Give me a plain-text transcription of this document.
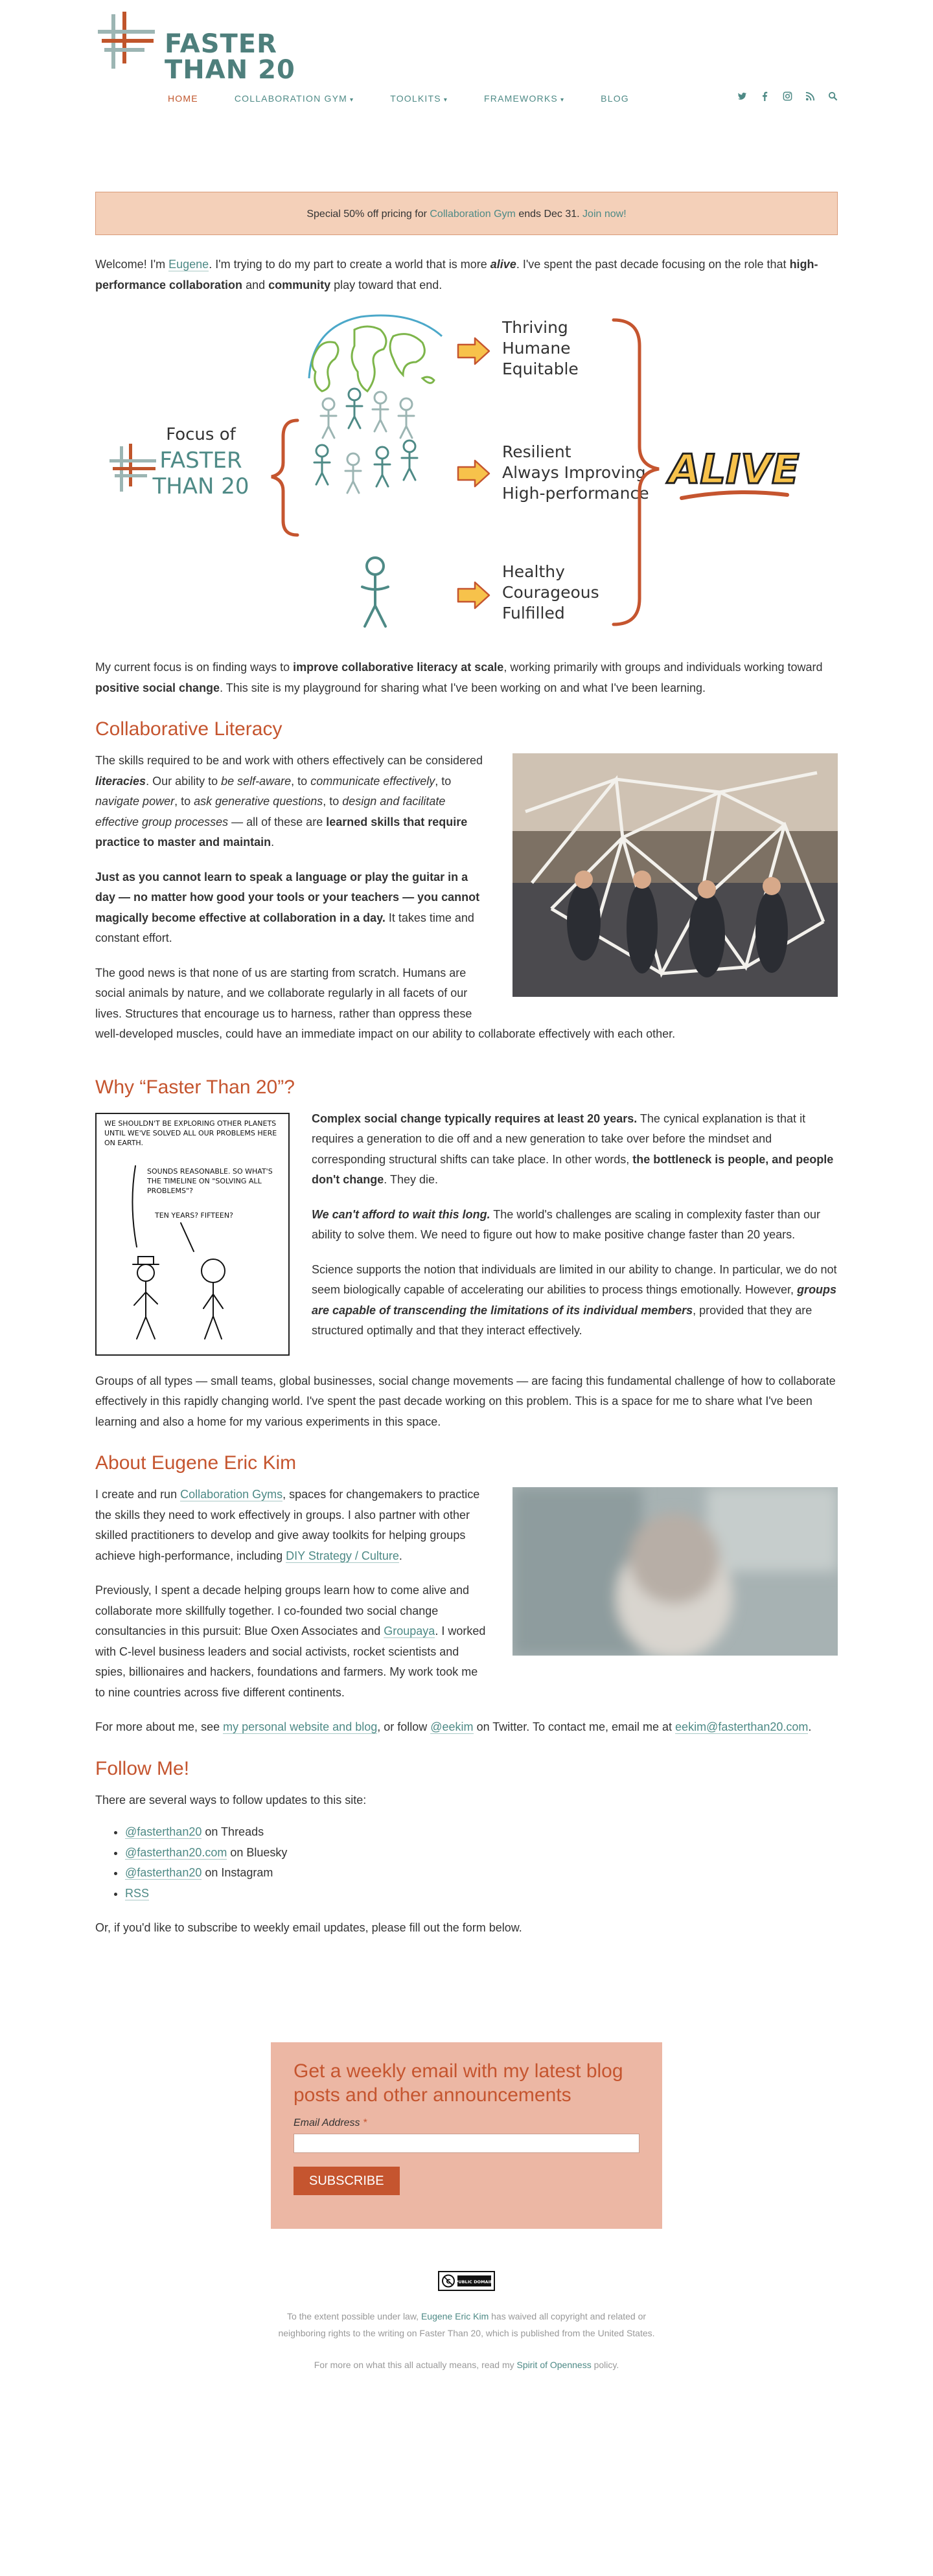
FASTER THAN 20
HOME	COLLABORATION GYM ▾	TOOLKITS ▾	FRAMEWORKS ▾	BLOG
Special 50% off pricing for Collaboration Gym ends Dec 31. Join now!

Welcome! I'm Eugene. I'm trying to do my part to create a world that is more alive. I've spent the past decade focusing on the role that high-performance collaboration and community play toward that end.

Focus of
FASTER
THAN 20
Thriving
Humane
Equitable
Resilient
Always Improving
High-performance
Healthy
Courageous
Fulfilled
ALIVE

My current focus is on finding ways to improve collaborative literacy at scale, working primarily with groups and individuals working toward positive social change. This site is my playground for sharing what I've been working on and what I've been learning.

Collaborative Literacy

The skills required to be and work with others effectively can be considered literacies. Our ability to be self-aware, to communicate effectively, to navigate power, to ask generative questions, to design and facilitate effective group processes — all of these are learned skills that require practice to master and maintain.

Just as you cannot learn to speak a language or play the guitar in a day — no matter how good your tools or your teachers — you cannot magically become effective at collaboration in a day. It takes time and constant effort.

The good news is that none of us are starting from scratch. Humans are social animals by nature, and we collaborate regularly in all facets of our lives. Structures that encourage us to harness, rather than oppress these well-developed muscles, could have an immediate impact on our ability to collaborate effectively with each other.

Why “Faster Than 20”?
WE SHOULDN'T BE EXPLORING OTHER PLANETS UNTIL WE'VE SOLVED ALL OUR PROBLEMS HERE ON EARTH.
SOUNDS REASONABLE. SO WHAT'S THE TIMELINE ON "SOLVING ALL PROBLEMS"?
TEN YEARS? FIFTEEN?

Complex social change typically requires at least 20 years. The cynical explanation is that it requires a generation to die off and a new generation to take over before the mindset and corresponding structural shifts can take place. In other words, the bottleneck is people, and people don't change. They die.

We can't afford to wait this long. The world's challenges are scaling in complexity faster than our ability to solve them. We need to figure out how to make positive change faster than 20 years.

Science supports the notion that individuals are limited in our ability to change. In particular, we do not seem biologically capable of accelerating our abilities to process things emotionally. However, groups are capable of transcending the limitations of its individual members, provided that they are structured optimally and that they interact effectively.

Groups of all types — small teams, global businesses, social change movements — are facing this fundamental challenge of how to collaborate effectively in this rapidly changing world. I've spent the past decade working on this problem. This is a space for me to share what I've been learning and also a home for my various experiments in this space.

About Eugene Eric Kim

I create and run Collaboration Gyms, spaces for changemakers to practice the skills they need to work effectively in groups. I also partner with other skilled practitioners to develop and give away toolkits for helping groups achieve high-performance, including DIY Strategy / Culture.

Previously, I spent a decade helping groups learn how to come alive and collaborate more skillfully together. I co-founded two social change consultancies in this pursuit: Blue Oxen Associates and Groupaya. I worked with C-level business leaders and social activists, rocket scientists and spies, billionaires and hackers, foundations and farmers. My work took me to nine countries across five different continents.

For more about me, see my personal website and blog, or follow @eekim on Twitter. To contact me, email me at eekim@fasterthan20.com.

Follow Me!

There are several ways to follow updates to this site:

• @fasterthan20 on Threads
• @fasterthan20.com on Bluesky
• @fasterthan20 on Instagram
• RSS

Or, if you'd like to subscribe to weekly email updates, please fill out the form below.

Get a weekly email with my latest blog posts and other announcements
Email Address *
SUBSCRIBE
C PUBLIC DOMAIN
To the extent possible under law, Eugene Eric Kim has waived all copyright and related or
neighboring rights to the writing on Faster Than 20, which is published from the United States.
For more on what this all actually means, read my Spirit of Openness policy.
